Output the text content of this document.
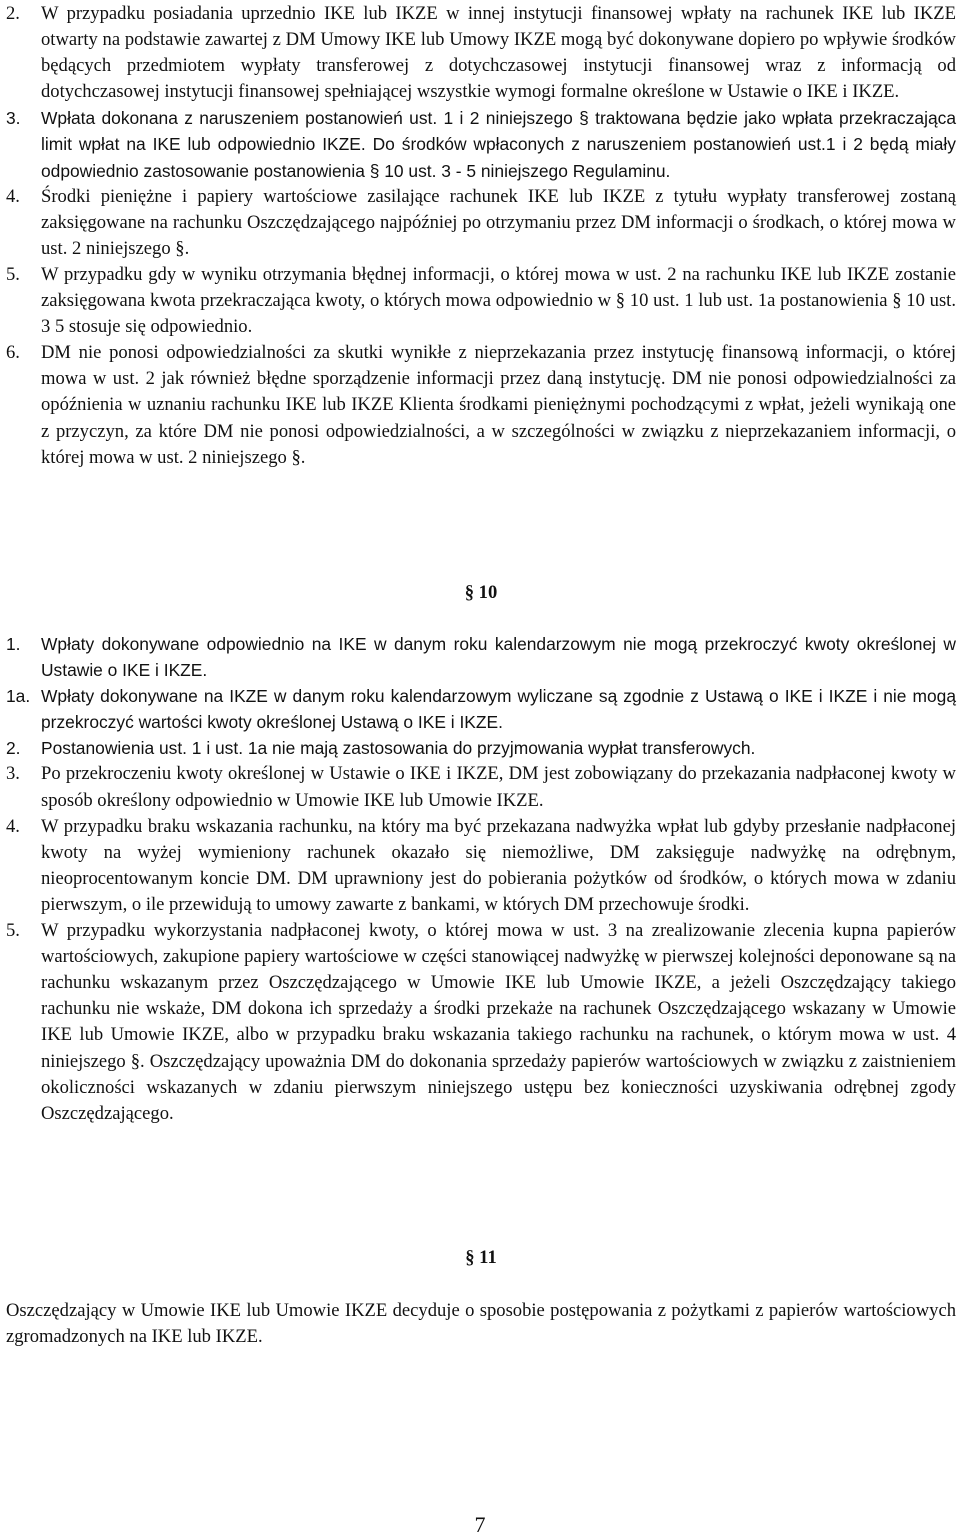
2.	W przypadku posiadania uprzednio IKE lub IKZE w innej instytucji finansowej wpłaty na rachunek IKE lub IKZE otwarty na podstawie zawartej z DM Umowy IKE lub Umowy IKZE mogą być dokonywane dopiero po wpływie środków będących przedmiotem wypłaty transferowej z dotychczasowej instytucji finansowej wraz z informacją od dotychczasowej instytucji finansowej spełniającej wszystkie wymogi formalne określone w Ustawie o IKE i IKZE.
3.	Wpłata dokonana z naruszeniem postanowień ust. 1 i 2 niniejszego § traktowana będzie jako wpłata przekraczająca limit wpłat na IKE lub odpowiednio IKZE. Do środków wpłaconych z naruszeniem postanowień ust.1 i 2 będą miały odpowiednio zastosowanie postanowienia § 10 ust. 3 - 5 niniejszego Regulaminu.
4.	Środki pieniężne i papiery wartościowe zasilające rachunek IKE lub IKZE z tytułu wypłaty transferowej zostaną zaksięgowane na rachunku Oszczędzającego najpóźniej po otrzymaniu przez DM informacji o środkach, o której mowa w ust. 2 niniejszego §.
5.	W przypadku gdy w wyniku otrzymania błędnej informacji, o której mowa w ust. 2 na rachunku IKE lub IKZE zostanie zaksięgowana kwota przekraczająca kwoty, o których mowa odpowiednio w § 10 ust. 1 lub ust. 1a postanowienia § 10 ust. 3 5 stosuje się odpowiednio.
6.	DM nie ponosi odpowiedzialności za skutki wynikłe z nieprzekazania przez instytucję finansową informacji, o której mowa w ust. 2 jak również błędne sporządzenie informacji przez daną instytucję. DM nie ponosi odpowiedzialności za opóźnienia w uznaniu rachunku IKE lub IKZE Klienta środkami pieniężnymi pochodzącymi z wpłat, jeżeli wynikają one z przyczyn, za które DM nie ponosi odpowiedzialności, a w szczególności w związku z nieprzekazaniem informacji, o której mowa w ust. 2 niniejszego §.
§ 10
1.	Wpłaty dokonywane odpowiednio na IKE w danym roku kalendarzowym nie mogą przekroczyć kwoty określonej w Ustawie o IKE i IKZE.
1a. Wpłaty dokonywane na IKZE w danym roku kalendarzowym wyliczane są zgodnie z Ustawą o IKE i IKZE i nie mogą przekroczyć wartości kwoty określonej Ustawą o IKE i IKZE.
2.	Postanowienia ust. 1 i ust. 1a nie mają zastosowania do przyjmowania wypłat transferowych.
3.	Po przekroczeniu kwoty określonej w Ustawie o IKE i IKZE, DM jest zobowiązany do przekazania nadpłaconej kwoty w sposób określony odpowiednio w Umowie IKE lub Umowie IKZE.
4.	W przypadku braku wskazania rachunku, na który ma być przekazana nadwyżka wpłat lub gdyby przesłanie nadpłaconej kwoty na wyżej wymieniony rachunek okazało się niemożliwe, DM zaksięguje nadwyżkę na odrębnym, nieoprocentowanym koncie DM. DM uprawniony jest do pobierania pożytków od środków, o których mowa w zdaniu pierwszym, o ile przewidują to umowy zawarte z bankami, w których DM przechowuje środki.
5.	W przypadku wykorzystania nadpłaconej kwoty, o której mowa w ust. 3 na zrealizowanie zlecenia kupna papierów wartościowych, zakupione papiery wartościowe w części stanowiącej nadwyżkę w pierwszej kolejności deponowane są na rachunku wskazanym przez Oszczędzającego w Umowie IKE lub Umowie IKZE, a jeżeli Oszczędzający takiego rachunku nie wskaże, DM dokona ich sprzedaży a środki przekaże na rachunek Oszczędzającego wskazany w Umowie IKE lub Umowie IKZE, albo w przypadku braku wskazania takiego rachunku na rachunek, o którym mowa w ust. 4 niniejszego §. Oszczędzający upoważnia DM do dokonania sprzedaży papierów wartościowych w związku z zaistnieniem okoliczności wskazanych w zdaniu pierwszym niniejszego ustępu bez konieczności uzyskiwania odrębnej zgody Oszczędzającego.
§ 11
Oszczędzający w Umowie IKE lub Umowie IKZE decyduje o sposobie postępowania z pożytkami z papierów wartościowych zgromadzonych na IKE lub IKZE.
7
